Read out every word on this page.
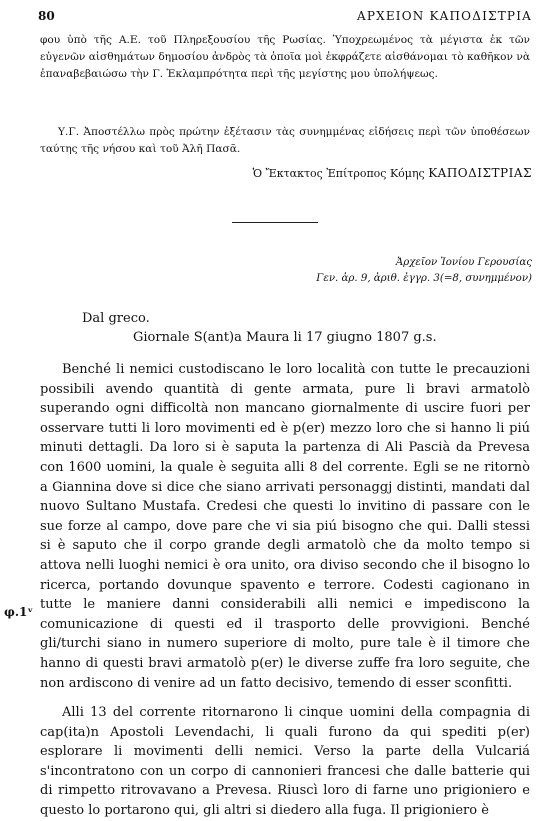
80	ΑΡΧΕΙΟΝ ΚΑΠΟΔΙΣΤΡΙΑ
φου ὑπὸ τῆς Α.Ε. τοῦ Πληρεξουσίου τῆς Ρωσίας. Ὑποχρεωμένος τὰ μέγιστα ἐκ τῶν εὐγενῶν αἰσθημάτων δημοσίου ἀνδρὸς τὰ ὁποῖα μοὶ ἐκφράζετε αἰσθάνομαι τὸ καθῆκον νὰ ἐπαναβεβαιώσω τὴν Γ. Ἐκλαμπρότητα περὶ τῆς μεγίστης μου ὑπολήψεως.
Υ.Γ. Ἀποστέλλω πρὸς πρώτην ἐξέτασιν τὰς συνημμένας εἰδήσεις περὶ τῶν ὑποθέσεων ταύτης τῆς νήσου καὶ τοῦ Ἀλῆ Πασᾶ.
Ὁ Ἔκτακτος Ἐπίτροπος Κόμης ΚΑΠΟΔΙΣΤΡΙΑΣ
Ἀρχεῖον Ἰονίου Γερουσίας
Γεν. ἀρ. 9, ἀριθ. ἐγγρ. 3(=8, συνημμένον)
Dal greco.
Giornale S(ant)a Maura li 17 giugno 1807 g.s.
Benché li nemici custodiscano le loro località con tutte le precauzioni possibili avendo quantità di gente armata, pure li bravi armatolò superando ogni difficoltà non mancano giornalmente di uscire fuori per osservare tutti li loro movimenti ed è p(er) mezzo loro che si hanno li piú minuti dettagli. Da loro si è saputa la partenza di Ali Pascià da Prevesa con 1600 uomini, la quale è seguita alli 8 del corrente. Egli se ne ritornò a Giannina dove si dice che siano arrivati personaggj distinti, mandati dal nuovo Sultano Mustafa. Credesi che questi lo invitino di passare con le sue forze al campo, dove pare che vi sia piú bisogno che qui. Dalli stessi si è saputo che il corpo grande degli armatolò che da molto tempo si attova nelli luoghi nemici è ora unito, ora diviso secondo che il bisogno lo ricerca, portando dovunque spavento e terrore. Codesti cagionano in tutte le maniere danni considerabili alli nemici e impediscono la comunicazione di questi ed il trasporto delle provvigioni. Benché gli/turchi siano in numero superiore di molto, pure tale è il timore che hanno di questi bravi armatolò p(er) le diverse zuffe fra loro seguite, che non ardiscono di venire ad un fatto decisivo, temendo di esser sconfitti.
φ.1ᵛ
Alli 13 del corrente ritornarono li cinque uomini della compagnia di cap(ita)n Apostoli Levendachi, li quali furono da qui spediti p(er) esplorare li movimenti delli nemici. Verso la parte della Vulcariá s'incontratono con un corpo di cannonieri francesi che dalle batterie qui di rimpetto ritrovavano a Prevesa. Riuscì loro di farne uno prigioniero e questo lo portarono qui, gli altri si diedero alla fuga. Il prigioniero è
